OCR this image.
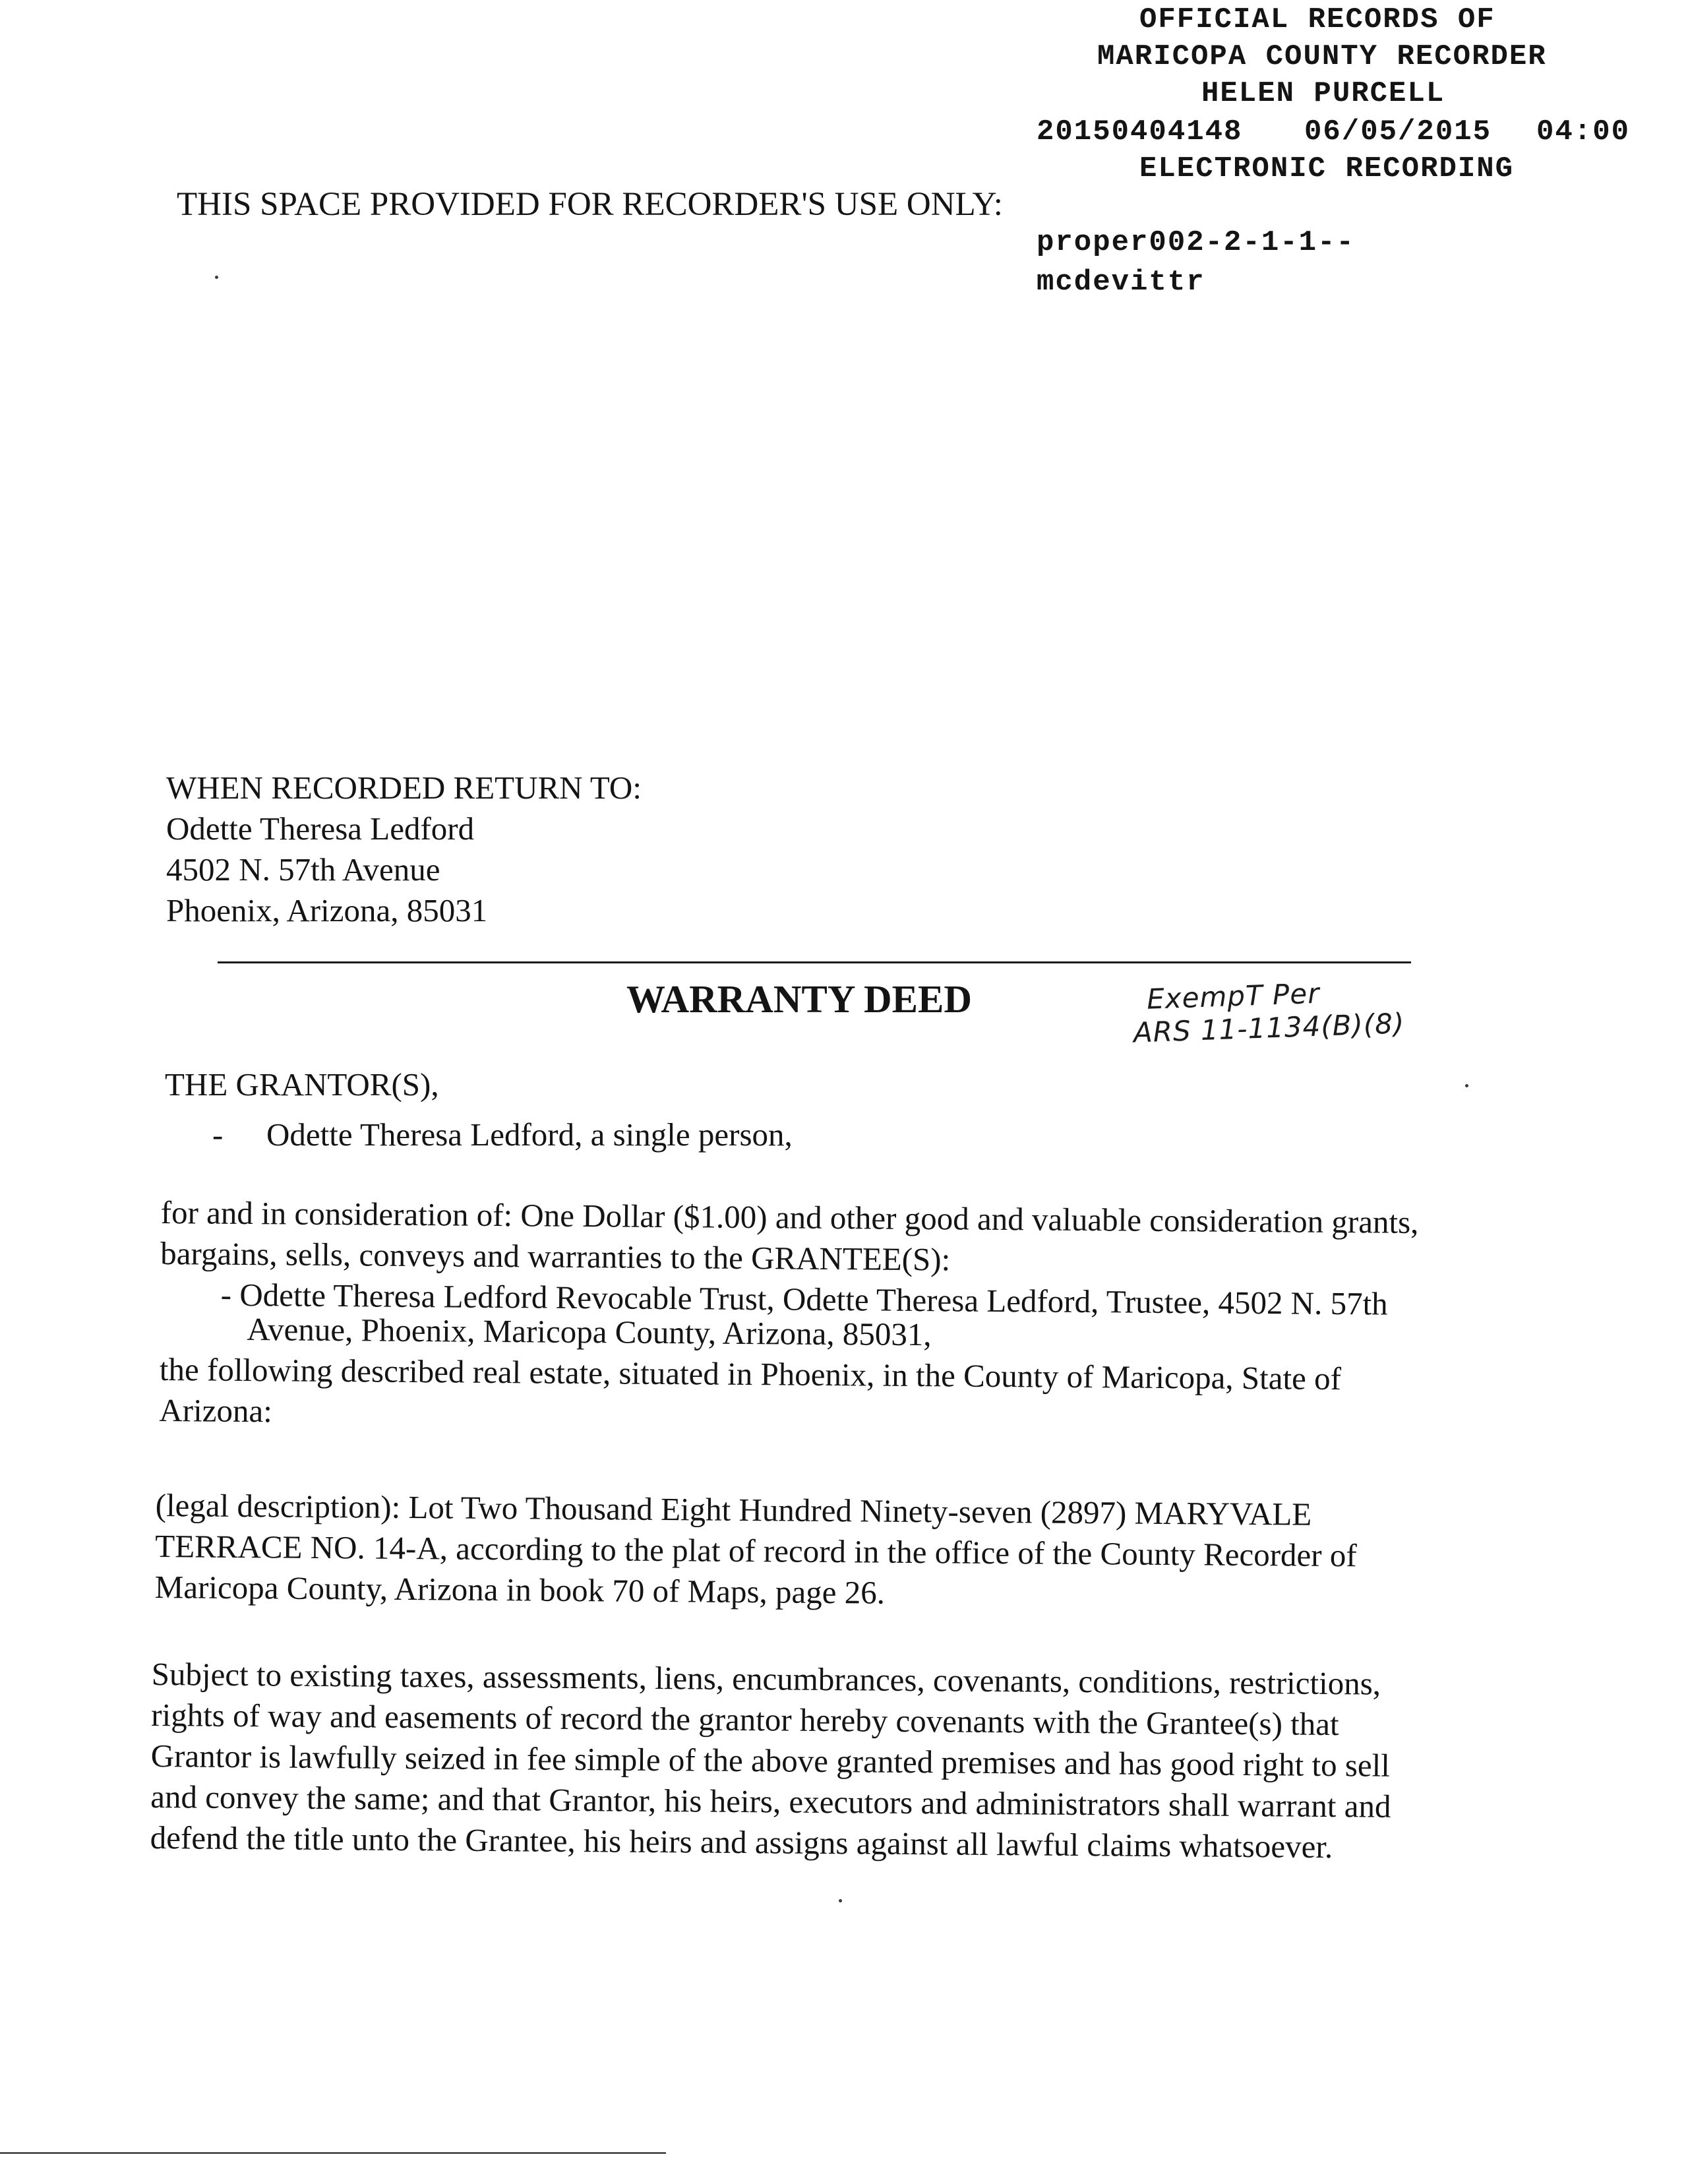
OFFICIAL RECORDS OF
MARICOPA COUNTY RECORDER
HELEN PURCELL
20150404148 06/05/2015 04:00
ELECTRONIC RECORDING
proper002-2-1-1--
mcdevittr
THIS SPACE PROVIDED FOR RECORDER'S USE ONLY:
WHEN RECORDED RETURN TO:
Odette Theresa Ledford
4502 N. 57th Avenue
Phoenix, Arizona, 85031
WARRANTY DEED	ExempT Per
ARS 11-1134(B)(8)
THE GRANTOR(S),
- Odette Theresa Ledford, a single person,
for and in consideration of: One Dollar ($1.00) and other good and valuable consideration grants,
bargains, sells, conveys and warranties to the GRANTEE(S):
- Odette Theresa Ledford Revocable Trust, Odette Theresa Ledford, Trustee, 4502 N. 57th
Avenue, Phoenix, Maricopa County, Arizona, 85031,
the following described real estate, situated in Phoenix, in the County of Maricopa, State of
Arizona:
(legal description): Lot Two Thousand Eight Hundred Ninety-seven (2897) MARYVALE
TERRACE NO. 14-A, according to the plat of record in the office of the County Recorder of
Maricopa County, Arizona in book 70 of Maps, page 26.
Subject to existing taxes, assessments, liens, encumbrances, covenants, conditions, restrictions,
rights of way and easements of record the grantor hereby covenants with the Grantee(s) that
Grantor is lawfully seized in fee simple of the above granted premises and has good right to sell
and convey the same; and that Grantor, his heirs, executors and administrators shall warrant and
defend the title unto the Grantee, his heirs and assigns against all lawful claims whatsoever.
